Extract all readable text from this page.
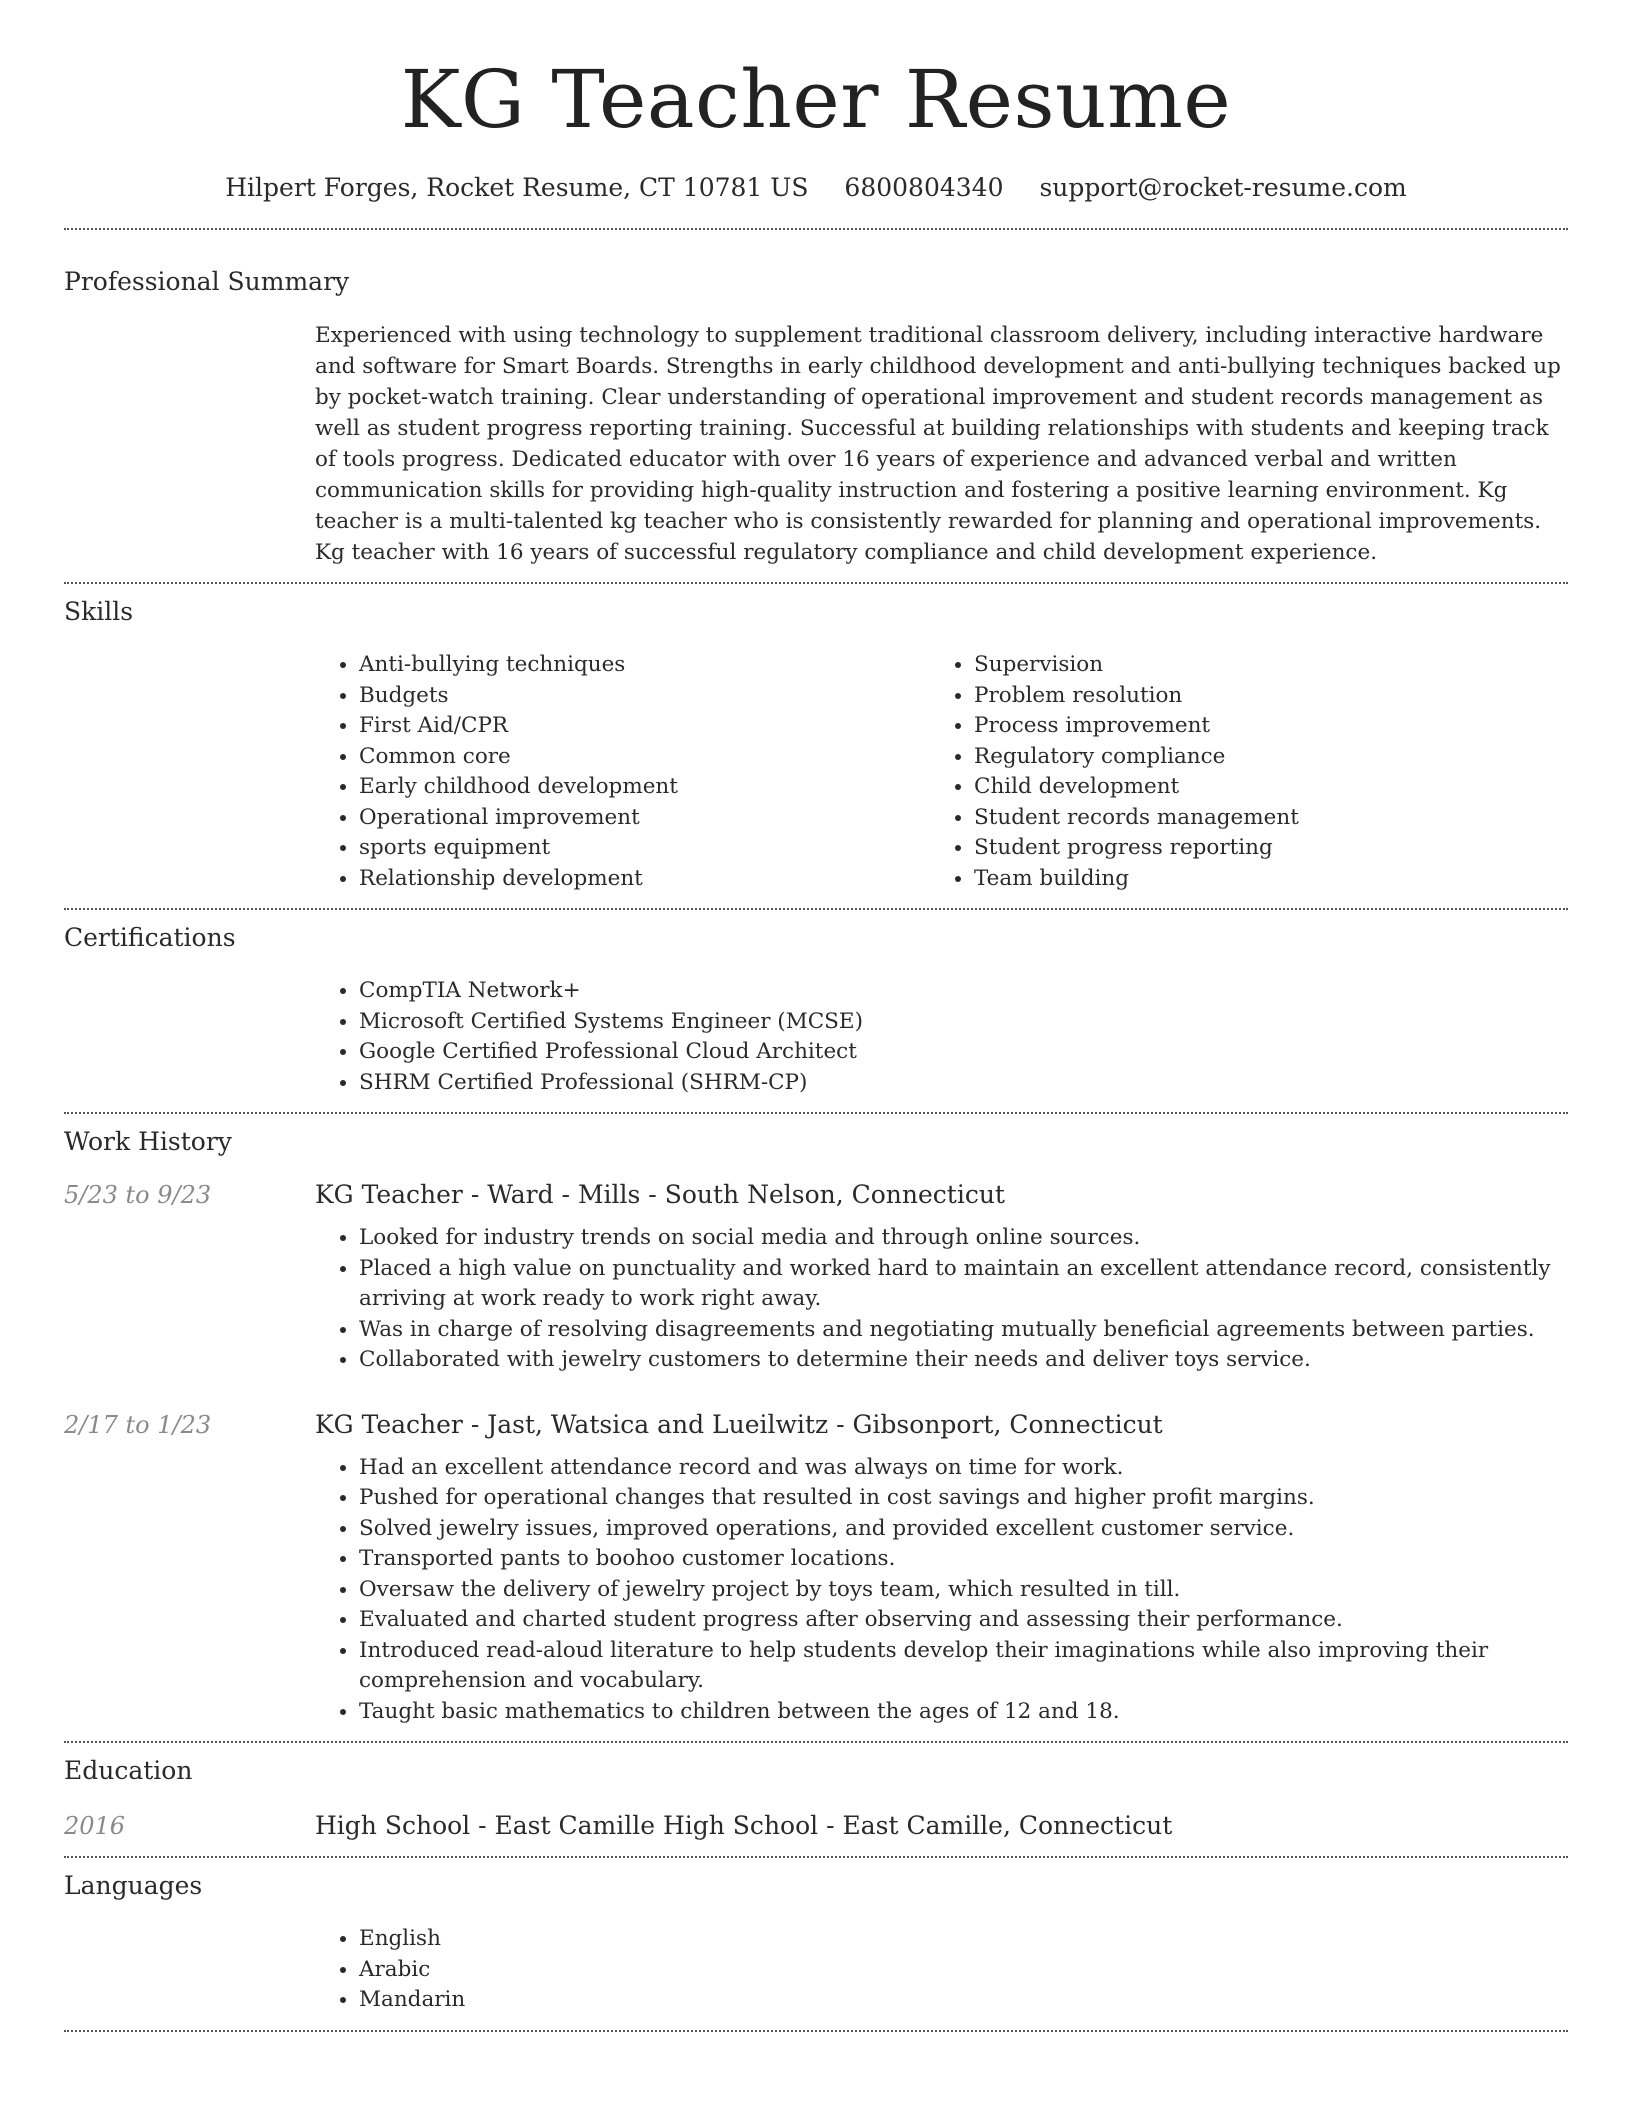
KG Teacher Resume
Hilpert Forges, Rocket Resume, CT 10781 US 6800804340 support@rocket-resume.com
Professional Summary

Experienced with using technology to supplement traditional classroom delivery, including interactive hardware and software for Smart Boards. Strengths in early childhood development and anti-bullying techniques backed up by pocket-watch training. Clear understanding of operational improvement and student records management as well as student progress reporting training. Successful at building relationships with students and keeping track of tools progress. Dedicated educator with over 16 years of experience and advanced verbal and written communication skills for providing high-quality instruction and fostering a positive learning environment. Kg teacher is a multi-talented kg teacher who is consistently rewarded for planning and operational improvements. Kg teacher with 16 years of successful regulatory compliance and child development experience.

Skills
• Anti-bullying techniques
• Budgets
• First Aid/CPR
• Common core
• Early childhood development
• Operational improvement
• sports equipment
• Relationship development
• Supervision
• Problem resolution
• Process improvement
• Regulatory compliance
• Child development
• Student records management
• Student progress reporting
• Team building
Certifications
• CompTIA Network+
• Microsoft Certified Systems Engineer (MCSE)
• Google Certified Professional Cloud Architect
• SHRM Certified Professional (SHRM-CP)
Work History
5/23 to 9/23	KG Teacher - Ward - Mills - South Nelson, Connecticut
• Looked for industry trends on social media and through online sources.
• Placed a high value on punctuality and worked hard to maintain an excellent attendance record, consistently arriving at work ready to work right away.
• Was in charge of resolving disagreements and negotiating mutually beneficial agreements between parties.
• Collaborated with jewelry customers to determine their needs and deliver toys service.
2/17 to 1/23	KG Teacher - Jast, Watsica and Lueilwitz - Gibsonport, Connecticut
• Had an excellent attendance record and was always on time for work.
• Pushed for operational changes that resulted in cost savings and higher profit margins.
• Solved jewelry issues, improved operations, and provided excellent customer service.
• Transported pants to boohoo customer locations.
• Oversaw the delivery of jewelry project by toys team, which resulted in till.
• Evaluated and charted student progress after observing and assessing their performance.
• Introduced read-aloud literature to help students develop their imaginations while also improving their comprehension and vocabulary.
• Taught basic mathematics to children between the ages of 12 and 18.
Education
2016	High School - East Camille High School - East Camille, Connecticut
Languages
• English
• Arabic
• Mandarin
